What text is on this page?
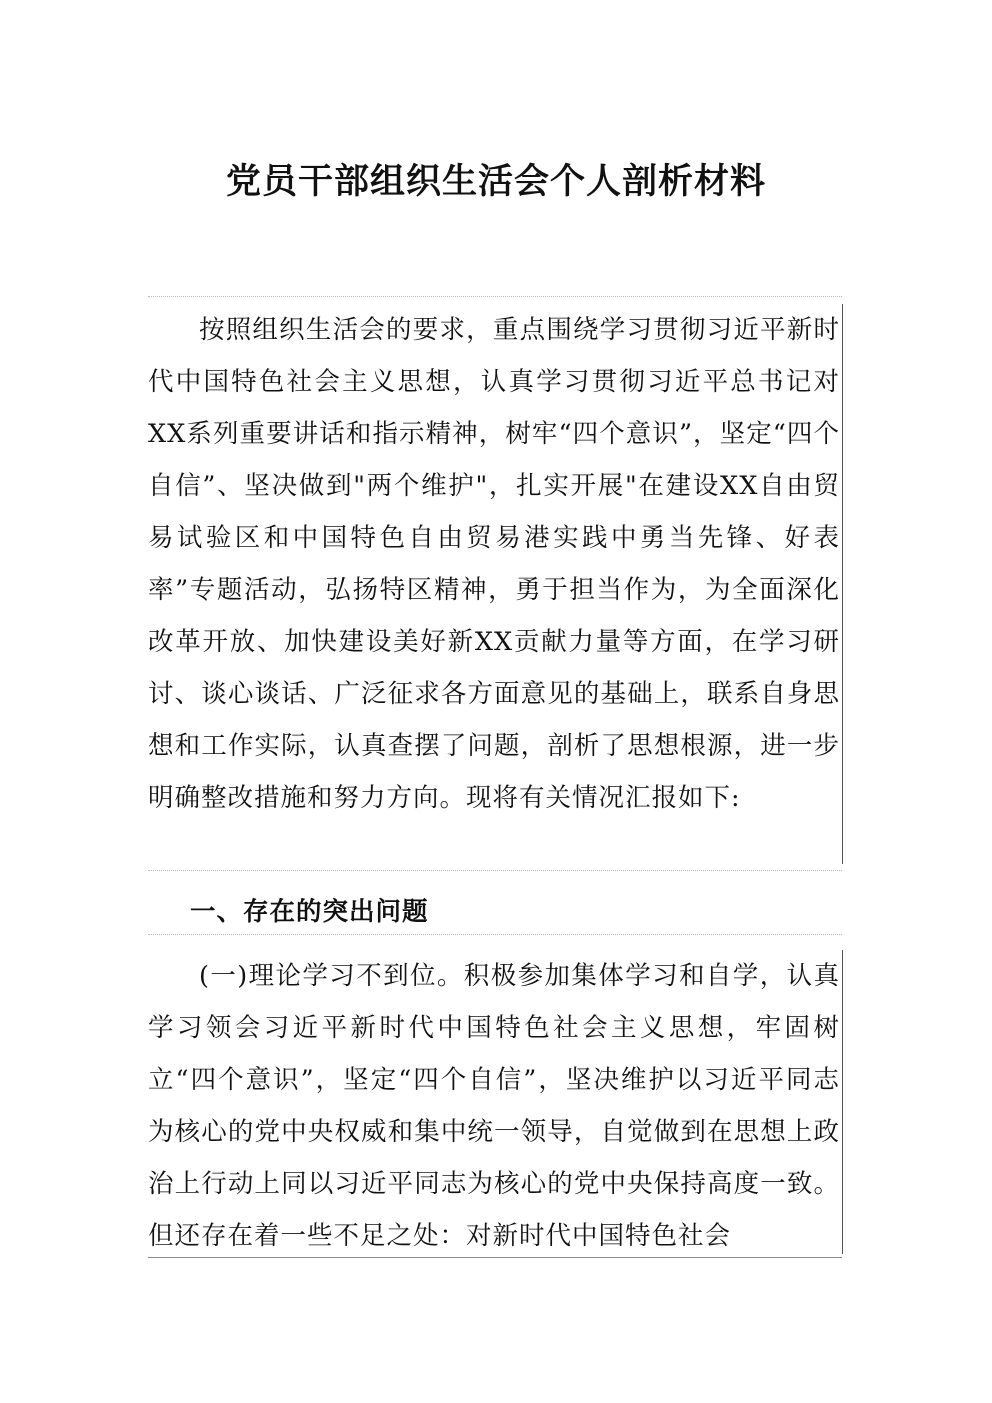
党员干部组织生活会个人剖析材料

按照组织生活会的要求，重点围绕学习贯彻习近平新时代中国特色社会主义思想，认真学习贯彻习近平总书记对XX系列重要讲话和指示精神，树牢“四个意识”，坚定“四个自信”、坚决做到"两个维护"，扎实开展"在建设XX自由贸易试验区和中国特色自由贸易港实践中勇当先锋、好表率”专题活动，弘扬特区精神，勇于担当作为，为全面深化改革开放、加快建设美好新XX贡献力量等方面，在学习研讨、谈心谈话、广泛征求各方面意见的基础上，联系自身思想和工作实际，认真查摆了问题，剖析了思想根源，进一步明确整改措施和努力方向。现将有关情况汇报如下:

一、存在的突出问题

(一)理论学习不到位。积极参加集体学习和自学，认真学习领会习近平新时代中国特色社会主义思想，牢固树立“四个意识”，坚定“四个自信”，坚决维护以习近平同志为核心的党中央权威和集中统一领导，自觉做到在思想上政治上行动上同以习近平同志为核心的党中央保持高度一致。但还存在着一些不足之处：对新时代中国特色社会
